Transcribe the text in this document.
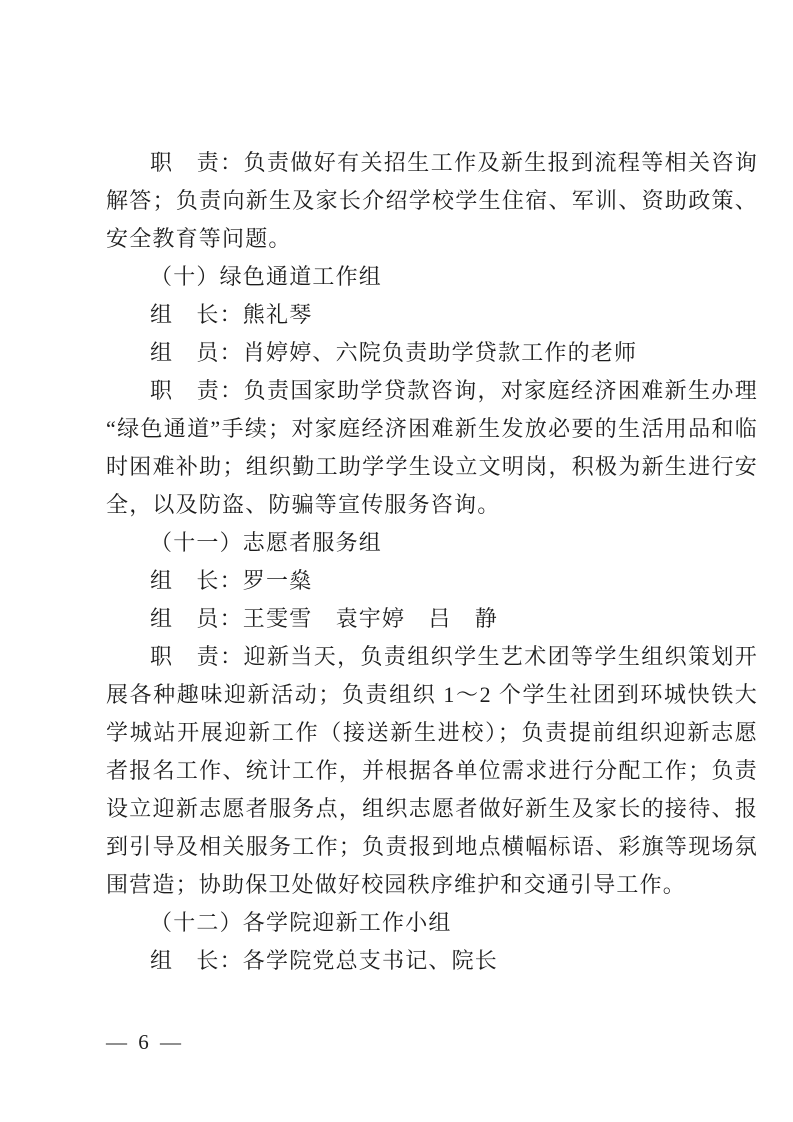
职　责：负责做好有关招生工作及新生报到流程等相关咨询解答；负责向新生及家长介绍学校学生住宿、军训、资助政策、安全教育等问题。

（十）绿色通道工作组

组　长：熊礼琴

组　员：肖婷婷、六院负责助学贷款工作的老师

职　责：负责国家助学贷款咨询，对家庭经济困难新生办理“绿色通道”手续；对家庭经济困难新生发放必要的生活用品和临时困难补助；组织勤工助学学生设立文明岗，积极为新生进行安全，以及防盗、防骗等宣传服务咨询。

（十一）志愿者服务组

组　长：罗一燊

组　员：王雯雪　袁宇婷　吕　静

职　责：迎新当天，负责组织学生艺术团等学生组织策划开展各种趣味迎新活动；负责组织 1～2 个学生社团到环城快铁大学城站开展迎新工作（接送新生进校）；负责提前组织迎新志愿者报名工作、统计工作，并根据各单位需求进行分配工作；负责设立迎新志愿者服务点，组织志愿者做好新生及家长的接待、报到引导及相关服务工作；负责报到地点横幅标语、彩旗等现场氛围营造；协助保卫处做好校园秩序维护和交通引导工作。

（十二）各学院迎新工作小组

组　长：各学院党总支书记、院长

— 6 —
